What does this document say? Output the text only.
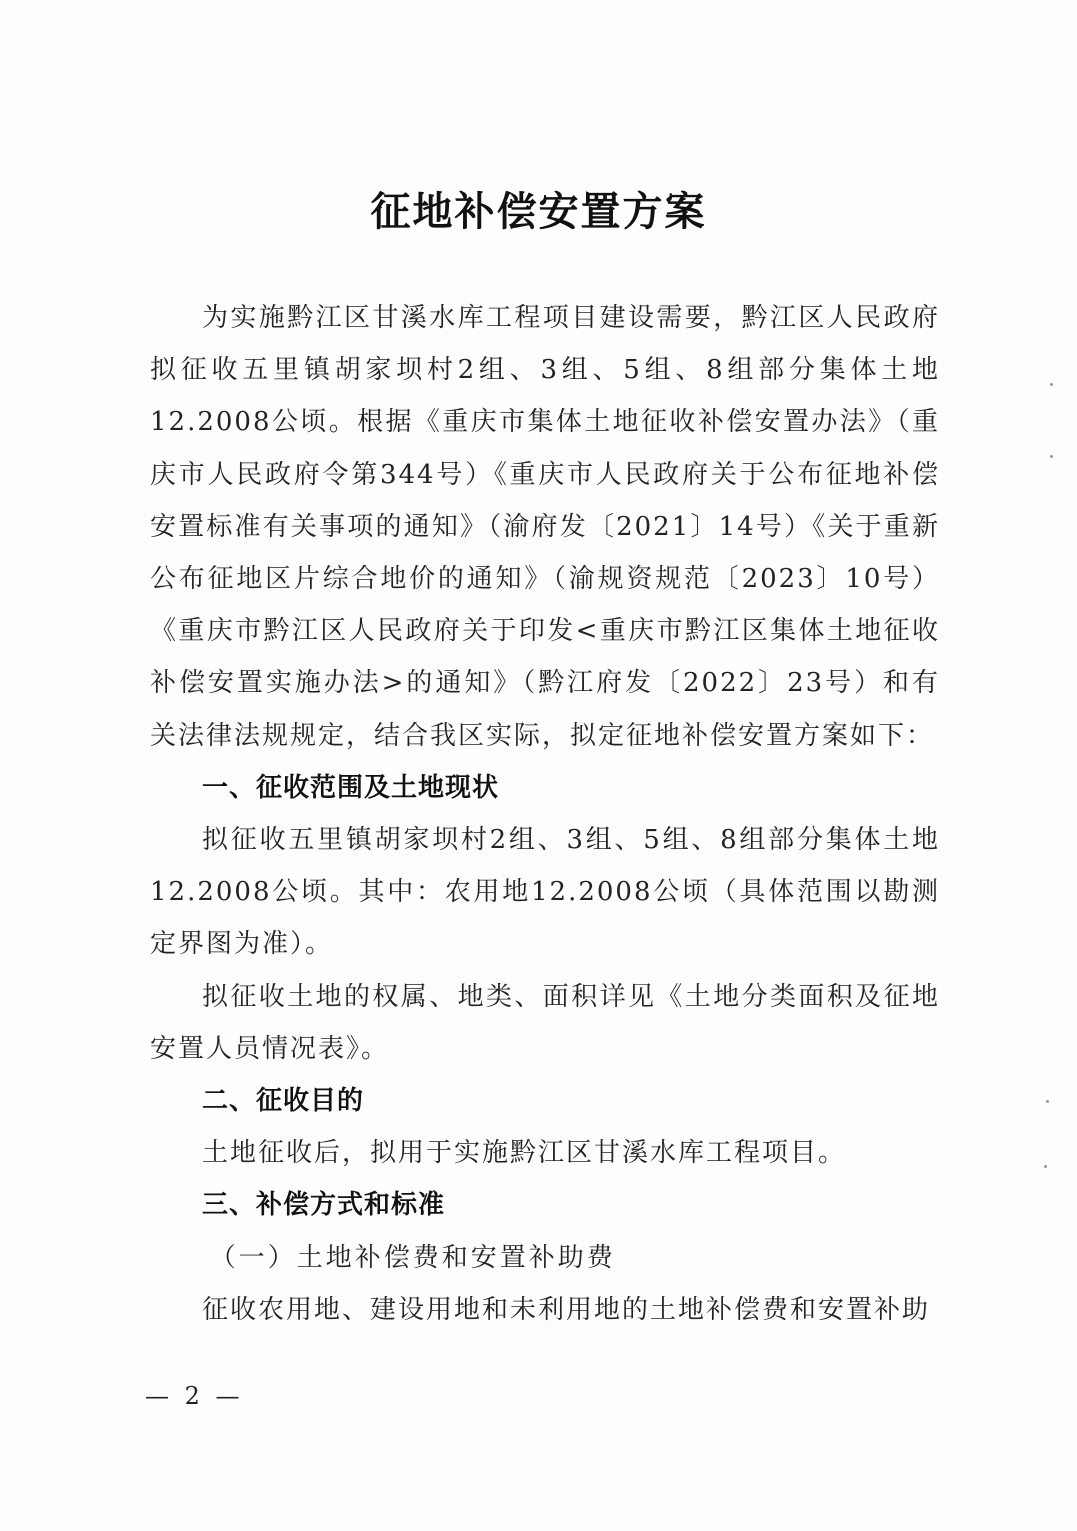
征地补偿安置方案

为实施黔江区甘溪水库工程项目建设需要，黔江区人民政府拟征收五里镇胡家坝村2组、3组、5组、8组部分集体土地12.2008公顷。根据《重庆市集体土地征收补偿安置办法》（重庆市人民政府令第344号）《重庆市人民政府关于公布征地补偿安置标准有关事项的通知》（渝府发〔2021〕14号）《关于重新公布征地区片综合地价的通知》（渝规资规范〔2023〕10号）《重庆市黔江区人民政府关于印发<重庆市黔江区集体土地征收补偿安置实施办法>的通知》（黔江府发〔2022〕23号）和有关法律法规规定，结合我区实际，拟定征地补偿安置方案如下：

一、征收范围及土地现状

拟征收五里镇胡家坝村2组、3组、5组、8组部分集体土地12.2008公顷。其中：农用地12.2008公顷（具体范围以勘测定界图为准）。

拟征收土地的权属、地类、面积详见《土地分类面积及征地安置人员情况表》。

二、征收目的

土地征收后，拟用于实施黔江区甘溪水库工程项目。

三、补偿方式和标准

（一）土地补偿费和安置补助费

征收农用地、建设用地和未利用地的土地补偿费和安置补助

— 2 —
